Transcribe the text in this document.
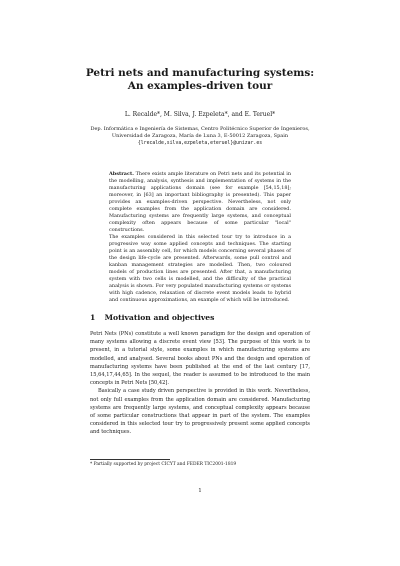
Petri nets and manufacturing systems:
An examples-driven tour
L. Recalde*, M. Silva, J. Ezpeleta*, and E. Teruel*
Dep. Informática e Ingeniería de Sistemas, Centro Politécnico Superior de Ingenieros,
Universidad de Zaragoza, María de Luna 3, E-50012 Zaragoza, Spain
{lrecalde,silva,ezpeleta,eteruel}@unizar.es
Abstract. There exists ample literature on Petri nets and its potential in the modelling, analysis, synthesis and implementation of systems in the manufacturing applications domain (see for example [54,15,18]; moreover, in [63] an important bibliography is presented). This paper provides an examples-driven perspective. Nevertheless, not only complete examples from the application domain are considered. Manufacturing systems are frequently large systems, and conceptual complexity often appears because of some particular "local" constructions.
The examples considered in this selected tour try to introduce in a progressive way some applied concepts and techniques. The starting point is an assembly cell, for which models concerning several phases of the design life-cycle are presented. Afterwards, some pull control and kanban management strategies are modelled. Then, two coloured models of production lines are presented. After that, a manufacturing system with two cells is modelled, and the difficulty of the practical analysis is shown. For very populated manufacturing systems or systems with high cadence, relaxation of discrete event models leads to hybrid and continuous approximations, an example of which will be introduced.
1 Motivation and objectives

Petri Nets (PNs) constitute a well known paradigm for the design and operation of many systems allowing a discrete event view [53]. The purpose of this work is to present, in a tutorial style, some examples in which manufacturing systems are modelled, and analysed. Several books about PNs and the design and operation of manufacturing systems have been published at the end of the last century [17, 15,64,17,44,65]. In the sequel, the reader is assumed to be introduced to the main concepts in Petri Nets [50,42].

Basically a case study driven perspective is provided in this work. Nevertheless, not only full examples from the application domain are considered. Manufacturing systems are frequently large systems, and conceptual complexity appears because of some particular constructions that appear in part of the system. The examples considered in this selected tour try to progressively present some applied concepts and techniques.

* Partially supported by project CICYT and FEDER TIC2001-1819
1
